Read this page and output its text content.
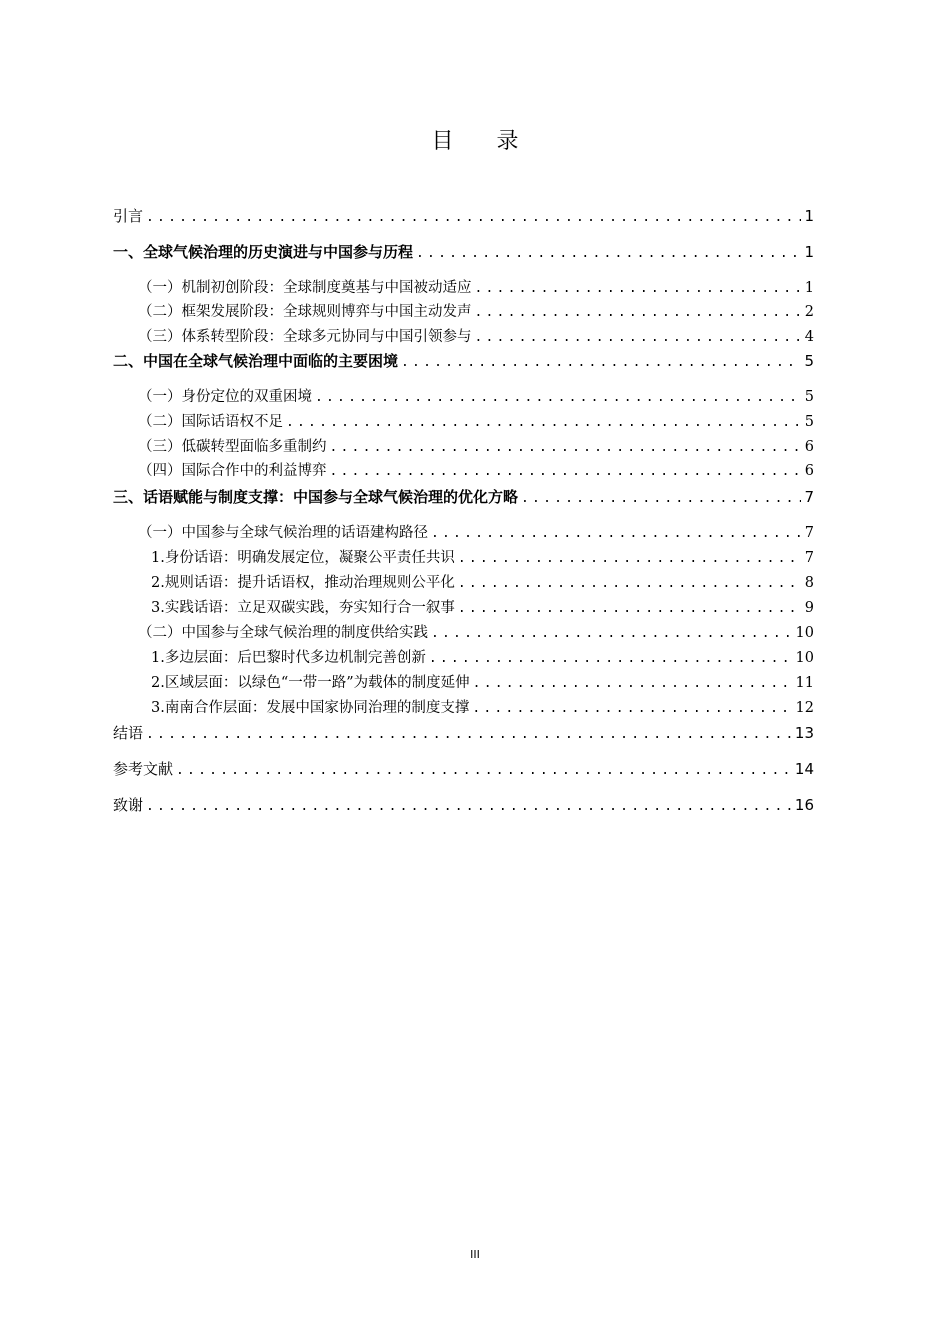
目 录
引言 .....	1
一、 全球气候治理的历史演进与中国参与历程 .....	1
（一） 机制初创阶段：全球制度奠基与中国被动适应 .....	1
（二） 框架发展阶段：全球规则博弈与中国主动发声 .....	2
（三） 体系转型阶段：全球多元协同与中国引领参与 .....	4
二、 中国在全球气候治理中面临的主要困境 .....	5
（一） 身份定位的双重困境 .....	5
（二） 国际话语权不足 .....	5
（三） 低碳转型面临多重制约 .....	6
（四） 国际合作中的利益博弈 .....	6
三、 话语赋能与制度支撑：中国参与全球气候治理的优化方略 .....	7
（一） 中国参与全球气候治理的话语建构路径 .....	7
1. 身份话语：明确发展定位，凝聚公平责任共识 .....	7
2. 规则话语：提升话语权，推动治理规则公平化 .....	8
3. 实践话语：立足双碳实践，夯实知行合一叙事 .....	9
（二） 中国参与全球气候治理的制度供给实践 .....	10
1. 多边层面：后巴黎时代多边机制完善创新 .....	10
2. 区域层面：以绿色“一带一路”为载体的制度延伸 .....	11
3. 南南合作层面：发展中国家协同治理的制度支撑 .....	12
结语 .....	13
参考文献 .....	14
致谢 .....	16
III
